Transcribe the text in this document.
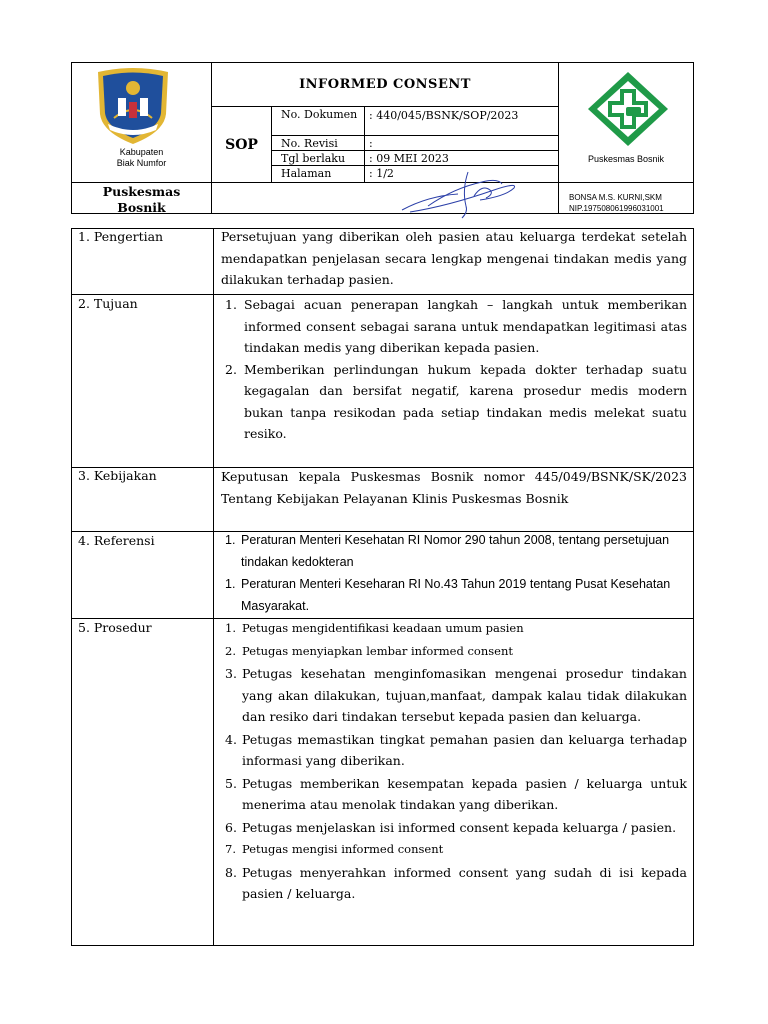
Kabupaten
Biak Numfor
INFORMED CONSENT
SOP
No. Dokumen	: 440/045/BSNK/SOP/2023
No. Revisi	:
Tgl berlaku : 09 MEI 2023
Halaman	: 1/2
Puskesmas Bosnik
Puskesmas
Bosnik
BONSA M.S. KURNI,SKM
NIP.197508061996031001
1. Pengertian	Persetujuan yang diberikan oleh pasien atau keluarga terdekat setelah mendapatkan penjelasan secara lengkap mengenai tindakan medis yang dilakukan terhadap pasien.
2. Tujuan	1. Sebagai acuan penerapan langkah – langkah untuk memberikan informed consent sebagai sarana untuk mendapatkan legitimasi atas tindakan medis yang diberikan kepada pasien.
2. Memberikan perlindungan hukum kepada dokter terhadap suatu kegagalan dan bersifat negatif, karena prosedur medis modern bukan tanpa resikodan pada setiap tindakan medis melekat suatu resiko.
3. Kebijakan	Keputusan kepala Puskesmas Bosnik nomor 445/049/BSNK/SK/2023 Tentang Kebijakan Pelayanan Klinis Puskesmas Bosnik
4. Referensi	1. Peraturan Menteri Kesehatan RI Nomor 290 tahun 2008, tentang persetujuan tindakan kedokteran
1. Peraturan Menteri Keseharan RI No.43 Tahun 2019 tentang Pusat Kesehatan Masyarakat.
5. Prosedur	1. Petugas mengidentifikasi keadaan umum pasien
2. Petugas menyiapkan lembar informed consent
3. Petugas kesehatan menginfomasikan mengenai prosedur tindakan yang akan dilakukan, tujuan,manfaat, dampak kalau tidak dilakukan dan resiko dari tindakan tersebut kepada pasien dan keluarga.
4. Petugas memastikan tingkat pemahan pasien dan keluarga terhadap informasi yang diberikan.
5. Petugas memberikan kesempatan kepada pasien / keluarga untuk menerima atau menolak tindakan yang diberikan.
6. Petugas menjelaskan isi informed consent kepada keluarga / pasien.
7. Petugas mengisi informed consent
8. Petugas menyerahkan informed consent yang sudah di isi kepada pasien / keluarga.
